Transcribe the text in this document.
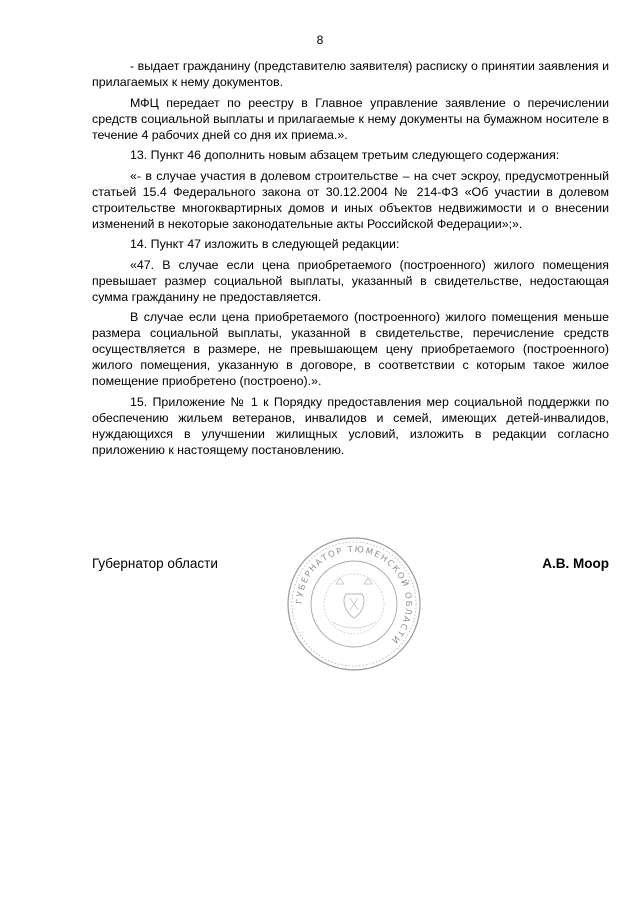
8

- выдает гражданину (представителю заявителя) расписку о принятии заявления и прилагаемых к нему документов.

МФЦ передает по реестру в Главное управление заявление о перечислении средств социальной выплаты и прилагаемые к нему документы на бумажном носителе в течение 4 рабочих дней со дня их приема.».

13. Пункт 46 дополнить новым абзацем третьим следующего содержания:

«- в случае участия в долевом строительстве – на счет эскроу, предусмотренный статьей 15.4 Федерального закона от 30.12.2004 № 214-ФЗ «Об участии в долевом строительстве многоквартирных домов и иных объектов недвижимости и о внесении изменений в некоторые законодательные акты Российской Федерации»;».

14. Пункт 47 изложить в следующей редакции:

«47. В случае если цена приобретаемого (построенного) жилого помещения превышает размер социальной выплаты, указанный в свидетельстве, недостающая сумма гражданину не предоставляется.

В случае если цена приобретаемого (построенного) жилого помещения меньше размера социальной выплаты, указанной в свидетельстве, перечисление средств осуществляется в размере, не превышающем цену приобретаемого (построенного) жилого помещения, указанную в договоре, в соответствии с которым такое жилое помещение приобретено (построено).».

15. Приложение № 1 к Порядку предоставления мер социальной поддержки по обеспечению жильем ветеранов, инвалидов и семей, имеющих детей-инвалидов, нуждающихся в улучшении жилищных условий, изложить в редакции согласно приложению к настоящему постановлению.

Губернатор области
ГУБЕРНАТОР ТЮМЕНСКОЙ ОБЛАСТИ
А.В. Моор
